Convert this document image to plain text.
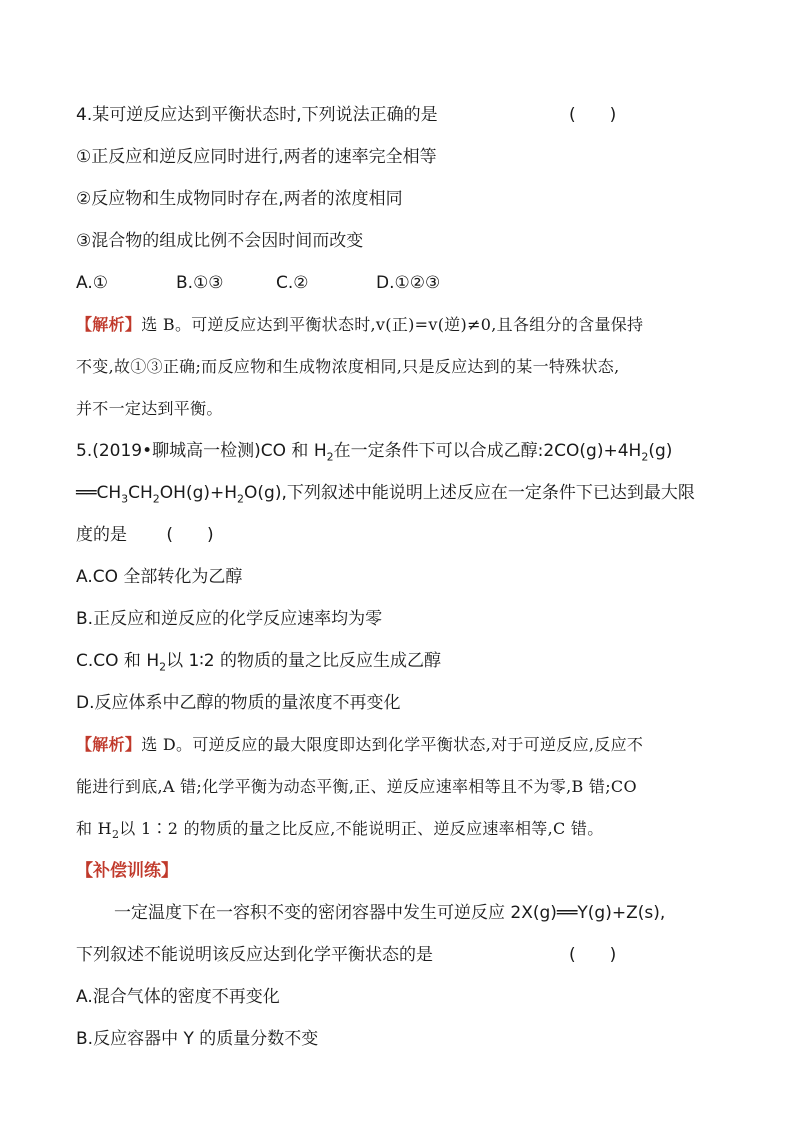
4.某可逆反应达到平衡状态时,下列说法正确的是	(　　)
①正反应和逆反应同时进行,两者的速率完全相等
②反应物和生成物同时存在,两者的浓度相同
③混合物的组成比例不会因时间而改变
A.①	B.①③	C.②	D.①②③
【解析】选 B。可逆反应达到平衡状态时,v(正)=v(逆)≠0,且各组分的含量保持
不变,故①③正确;而反应物和生成物浓度相同,只是反应达到的某一特殊状态,
并不一定达到平衡。
5.(2019•聊城高一检测)CO 和 $H_2$在一定条件下可以合成乙醇$:2CO(g)+4H_2(g)$
$══CH_3CH_2OH(g)+H_2O(g)$,下列叙述中能说明上述反应在一定条件下已达到最大限
度的是 (　　)
A.CO 全部转化为乙醇
B.正反应和逆反应的化学反应速率均为零
C.CO 和 $H_2$以 1∶2 的物质的量之比反应生成乙醇
D.反应体系中乙醇的物质的量浓度不再变化
【解析】选 D。可逆反应的最大限度即达到化学平衡状态,对于可逆反应,反应不
能进行到底,A 错;化学平衡为动态平衡,正、逆反应速率相等且不为零,B 错;CO
和 $H_2$以 1∶2 的物质的量之比反应,不能说明正、逆反应速率相等,C 错。
【补偿训练】
一定温度下在一容积不变的密闭容器中发生可逆反应 2X(g)══Y(g)+Z(s),
下列叙述不能说明该反应达到化学平衡状态的是	(　　)
A.混合气体的密度不再变化
B.反应容器中 Y 的质量分数不变
